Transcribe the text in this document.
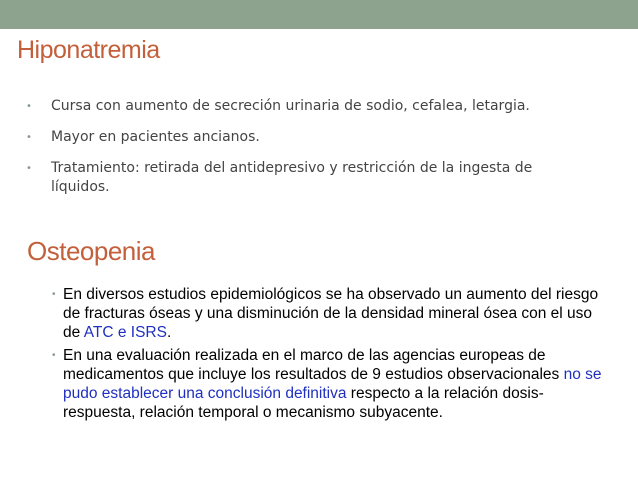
Hiponatremia
• Cursa con aumento de secreción urinaria de sodio, cefalea, letargia.
• Mayor en pacientes ancianos.
• Tratamiento: retirada del antidepresivo y restricción de la ingesta de líquidos.
Osteopenia
• En diversos estudios epidemiológicos se ha observado un aumento del riesgo de fracturas óseas y una disminución de la densidad mineral ósea con el uso de ATC e ISRS.
• En una evaluación realizada en el marco de las agencias europeas de medicamentos que incluye los resultados de 9 estudios observacionales no se pudo establecer una conclusión definitiva respecto a la relación dosis-respuesta, relación temporal o mecanismo subyacente.
